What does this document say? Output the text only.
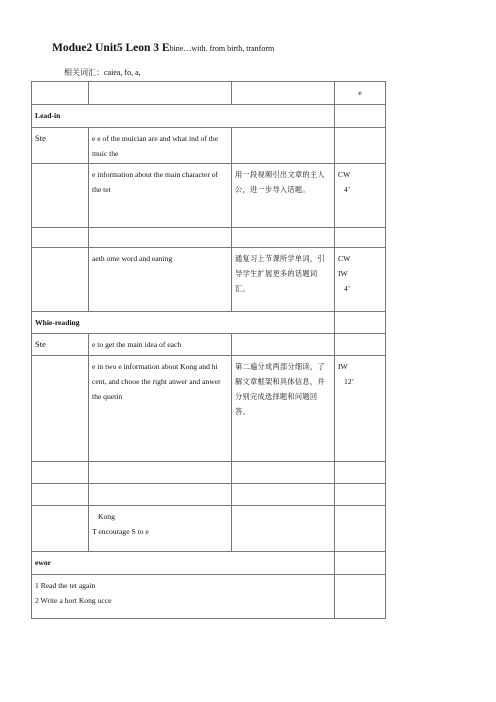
Modue2 Unit5 Leon 3 Ebine…with. from birth, tranform
相关词汇：caiea, fo, a,
			e
Lead-in			
Ste	e e of the muician are and what ind of the muic the		
	e information about the main character of the tet	用一段视频引出文章的主人公，进一步导入话题。	CW
4’

	aeth ome word and eaning	通复习上节课所学单词，引导学生扩展更多的话题词汇。	CW
IW
4’

Whie-reading			
Ste	e to get the main idea of each		
	e in two e information about Kong and hi cent, and chooe the right anwer and anwer the quetin	第二遍分成两部分细读，了解文章框架和具体信息，并分别完成选择题和问题回答。	IW
12’

	Kong
T encourage S to e		

ewor			

1 Read the tet again
2 Write a hort Kong ucce			
